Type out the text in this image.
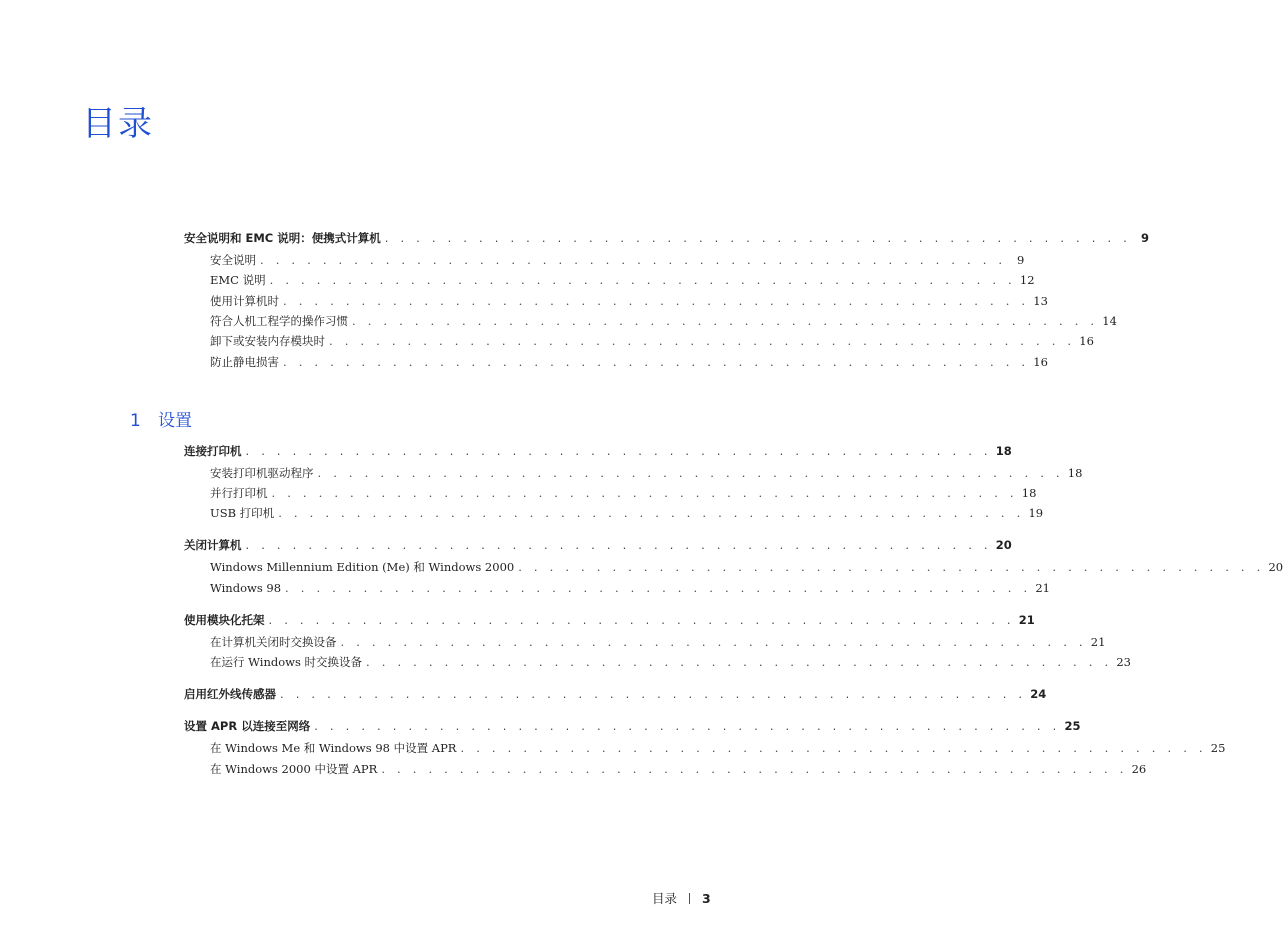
目录
安全说明和 EMC 说明：便携式计算机 . . . . . . . . . . . . . . . . . . . . . . . . . . . . . . . . . . . . . . . . . . . . . . . . 9
安全说明 . . . . . . . . . . . . . . . . . . . . . . . . . . . . . . . . . . . . . . . . . . . . . . . . 9
EMC 说明 . . . . . . . . . . . . . . . . . . . . . . . . . . . . . . . . . . . . . . . . . . . . . . . . 12
使用计算机时 . . . . . . . . . . . . . . . . . . . . . . . . . . . . . . . . . . . . . . . . . . . . . . . . 13
符合人机工程学的操作习惯 . . . . . . . . . . . . . . . . . . . . . . . . . . . . . . . . . . . . . . . . . . . . . . . . 14
卸下或安装内存模块时 . . . . . . . . . . . . . . . . . . . . . . . . . . . . . . . . . . . . . . . . . . . . . . . . 16
防止静电损害 . . . . . . . . . . . . . . . . . . . . . . . . . . . . . . . . . . . . . . . . . . . . . . . . 16
1 设置
连接打印机 . . . . . . . . . . . . . . . . . . . . . . . . . . . . . . . . . . . . . . . . . . . . . . . . 18
安装打印机驱动程序 . . . . . . . . . . . . . . . . . . . . . . . . . . . . . . . . . . . . . . . . . . . . . . . . 18
并行打印机 . . . . . . . . . . . . . . . . . . . . . . . . . . . . . . . . . . . . . . . . . . . . . . . . 18
USB 打印机 . . . . . . . . . . . . . . . . . . . . . . . . . . . . . . . . . . . . . . . . . . . . . . . . 19
关闭计算机 . . . . . . . . . . . . . . . . . . . . . . . . . . . . . . . . . . . . . . . . . . . . . . . . 20
Windows Millennium Edition (Me) 和 Windows 2000 . . . . . . . . . . . . . . . . . . . . . . . . . . . . . . . . . . . . . . . . . . . . . . . . 20
Windows 98 . . . . . . . . . . . . . . . . . . . . . . . . . . . . . . . . . . . . . . . . . . . . . . . . 21
使用模块化托架 . . . . . . . . . . . . . . . . . . . . . . . . . . . . . . . . . . . . . . . . . . . . . . . . 21
在计算机关闭时交换设备 . . . . . . . . . . . . . . . . . . . . . . . . . . . . . . . . . . . . . . . . . . . . . . . . 21
在运行 Windows 时交换设备 . . . . . . . . . . . . . . . . . . . . . . . . . . . . . . . . . . . . . . . . . . . . . . . . 23
启用红外线传感器 . . . . . . . . . . . . . . . . . . . . . . . . . . . . . . . . . . . . . . . . . . . . . . . . 24
设置 APR 以连接至网络 . . . . . . . . . . . . . . . . . . . . . . . . . . . . . . . . . . . . . . . . . . . . . . . . 25
在 Windows Me 和 Windows 98 中设置 APR . . . . . . . . . . . . . . . . . . . . . . . . . . . . . . . . . . . . . . . . . . . . . . . . 25
在 Windows 2000 中设置 APR . . . . . . . . . . . . . . . . . . . . . . . . . . . . . . . . . . . . . . . . . . . . . . . . 26
目录 3
